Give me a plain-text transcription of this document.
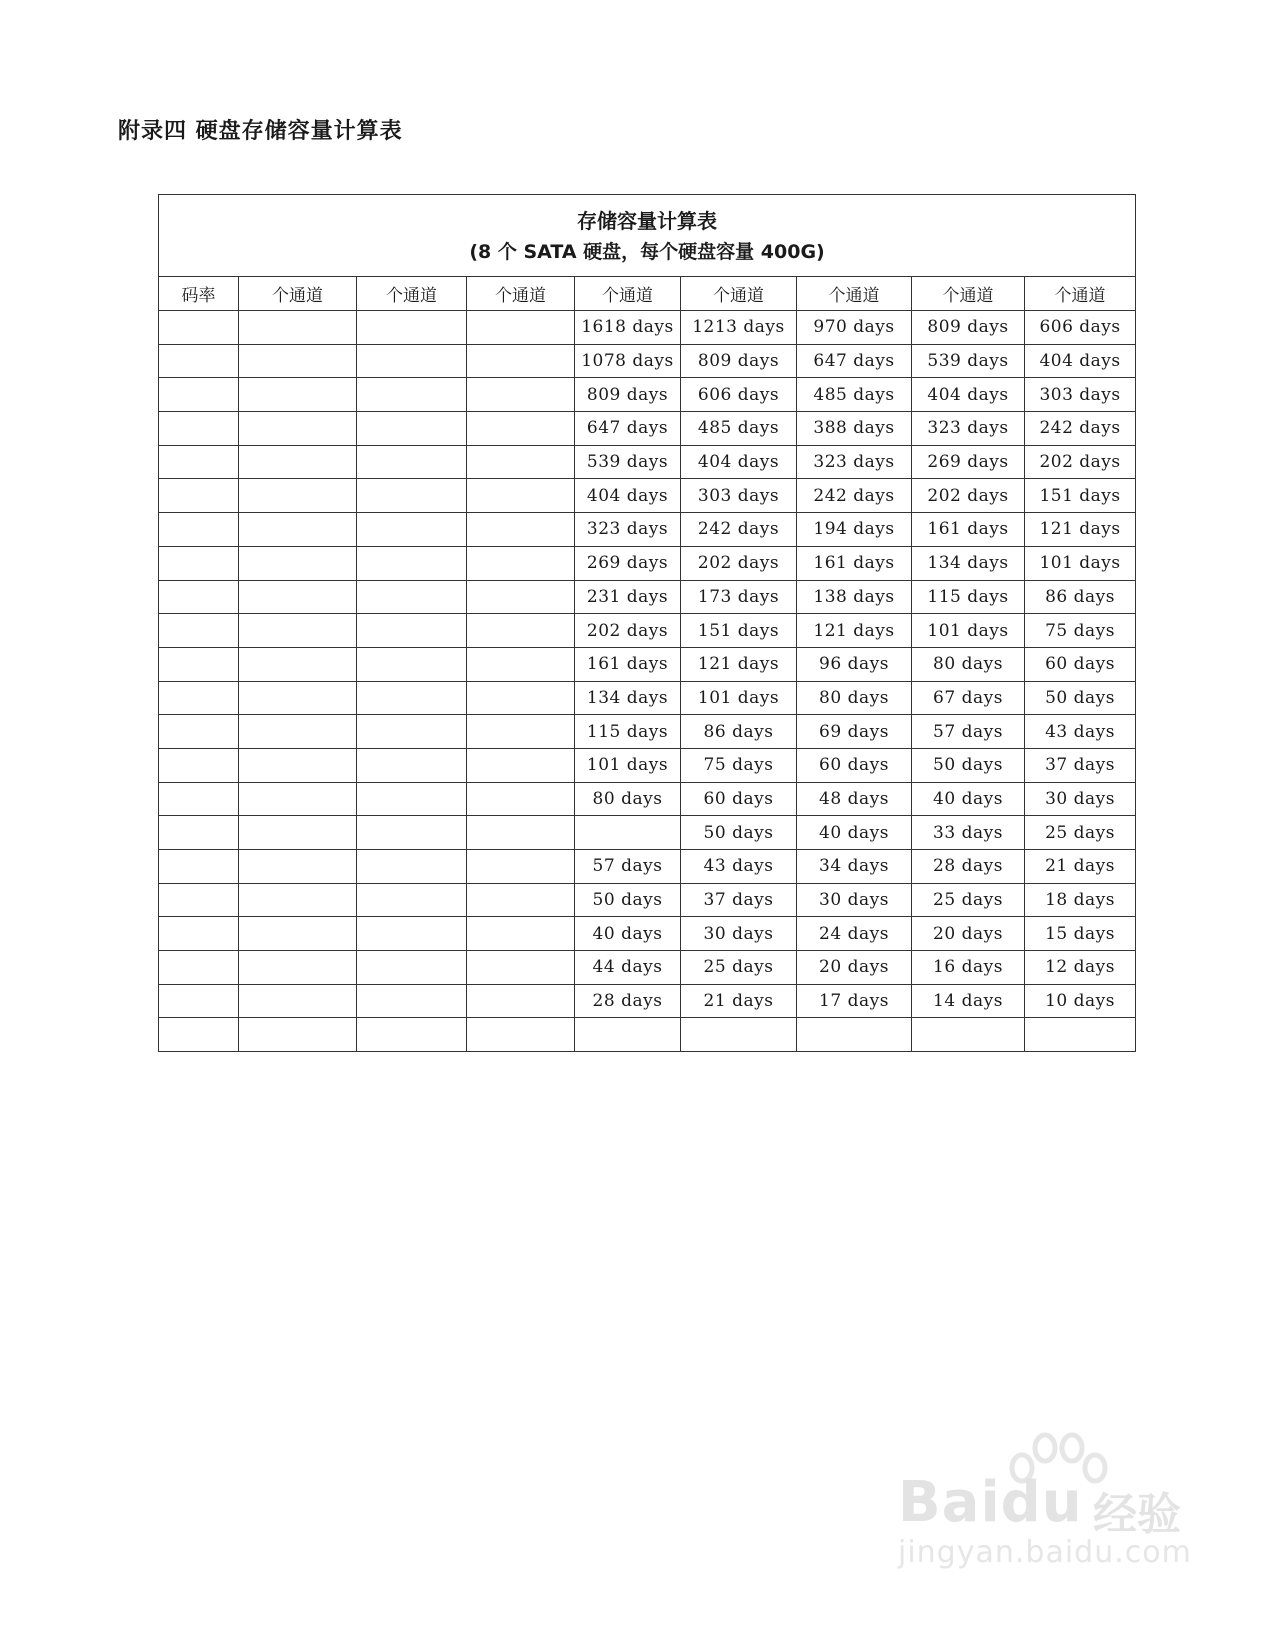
附录四 硬盘存储容量计算表
存储容量计算表
(8 个 SATA 硬盘，每个硬盘容量 400G)								

码率	个通道	个通道	个通道	个通道	个通道	个通道	个通道	个通道
				1618 days	1213 days	970 days	809 days	606 days
				1078 days	809 days	647 days	539 days	404 days
				809 days	606 days	485 days	404 days	303 days
				647 days	485 days	388 days	323 days	242 days
				539 days	404 days	323 days	269 days	202 days
				404 days	303 days	242 days	202 days	151 days
				323 days	242 days	194 days	161 days	121 days
				269 days	202 days	161 days	134 days	101 days
				231 days	173 days	138 days	115 days	86 days
				202 days	151 days	121 days	101 days	75 days
				161 days	121 days	96 days	80 days	60 days
				134 days	101 days	80 days	67 days	50 days
				115 days	86 days	69 days	57 days	43 days
				101 days	75 days	60 days	50 days	37 days
				80 days	60 days	48 days	40 days	30 days
					50 days	40 days	33 days	25 days
				57 days	43 days	34 days	28 days	21 days
				50 days	37 days	30 days	25 days	18 days
				40 days	30 days	24 days	20 days	15 days
				44 days	25 days	20 days	16 days	12 days
				28 days	21 days	17 days	14 days	10 days

Baidu 经验
jingyan.baidu.com
